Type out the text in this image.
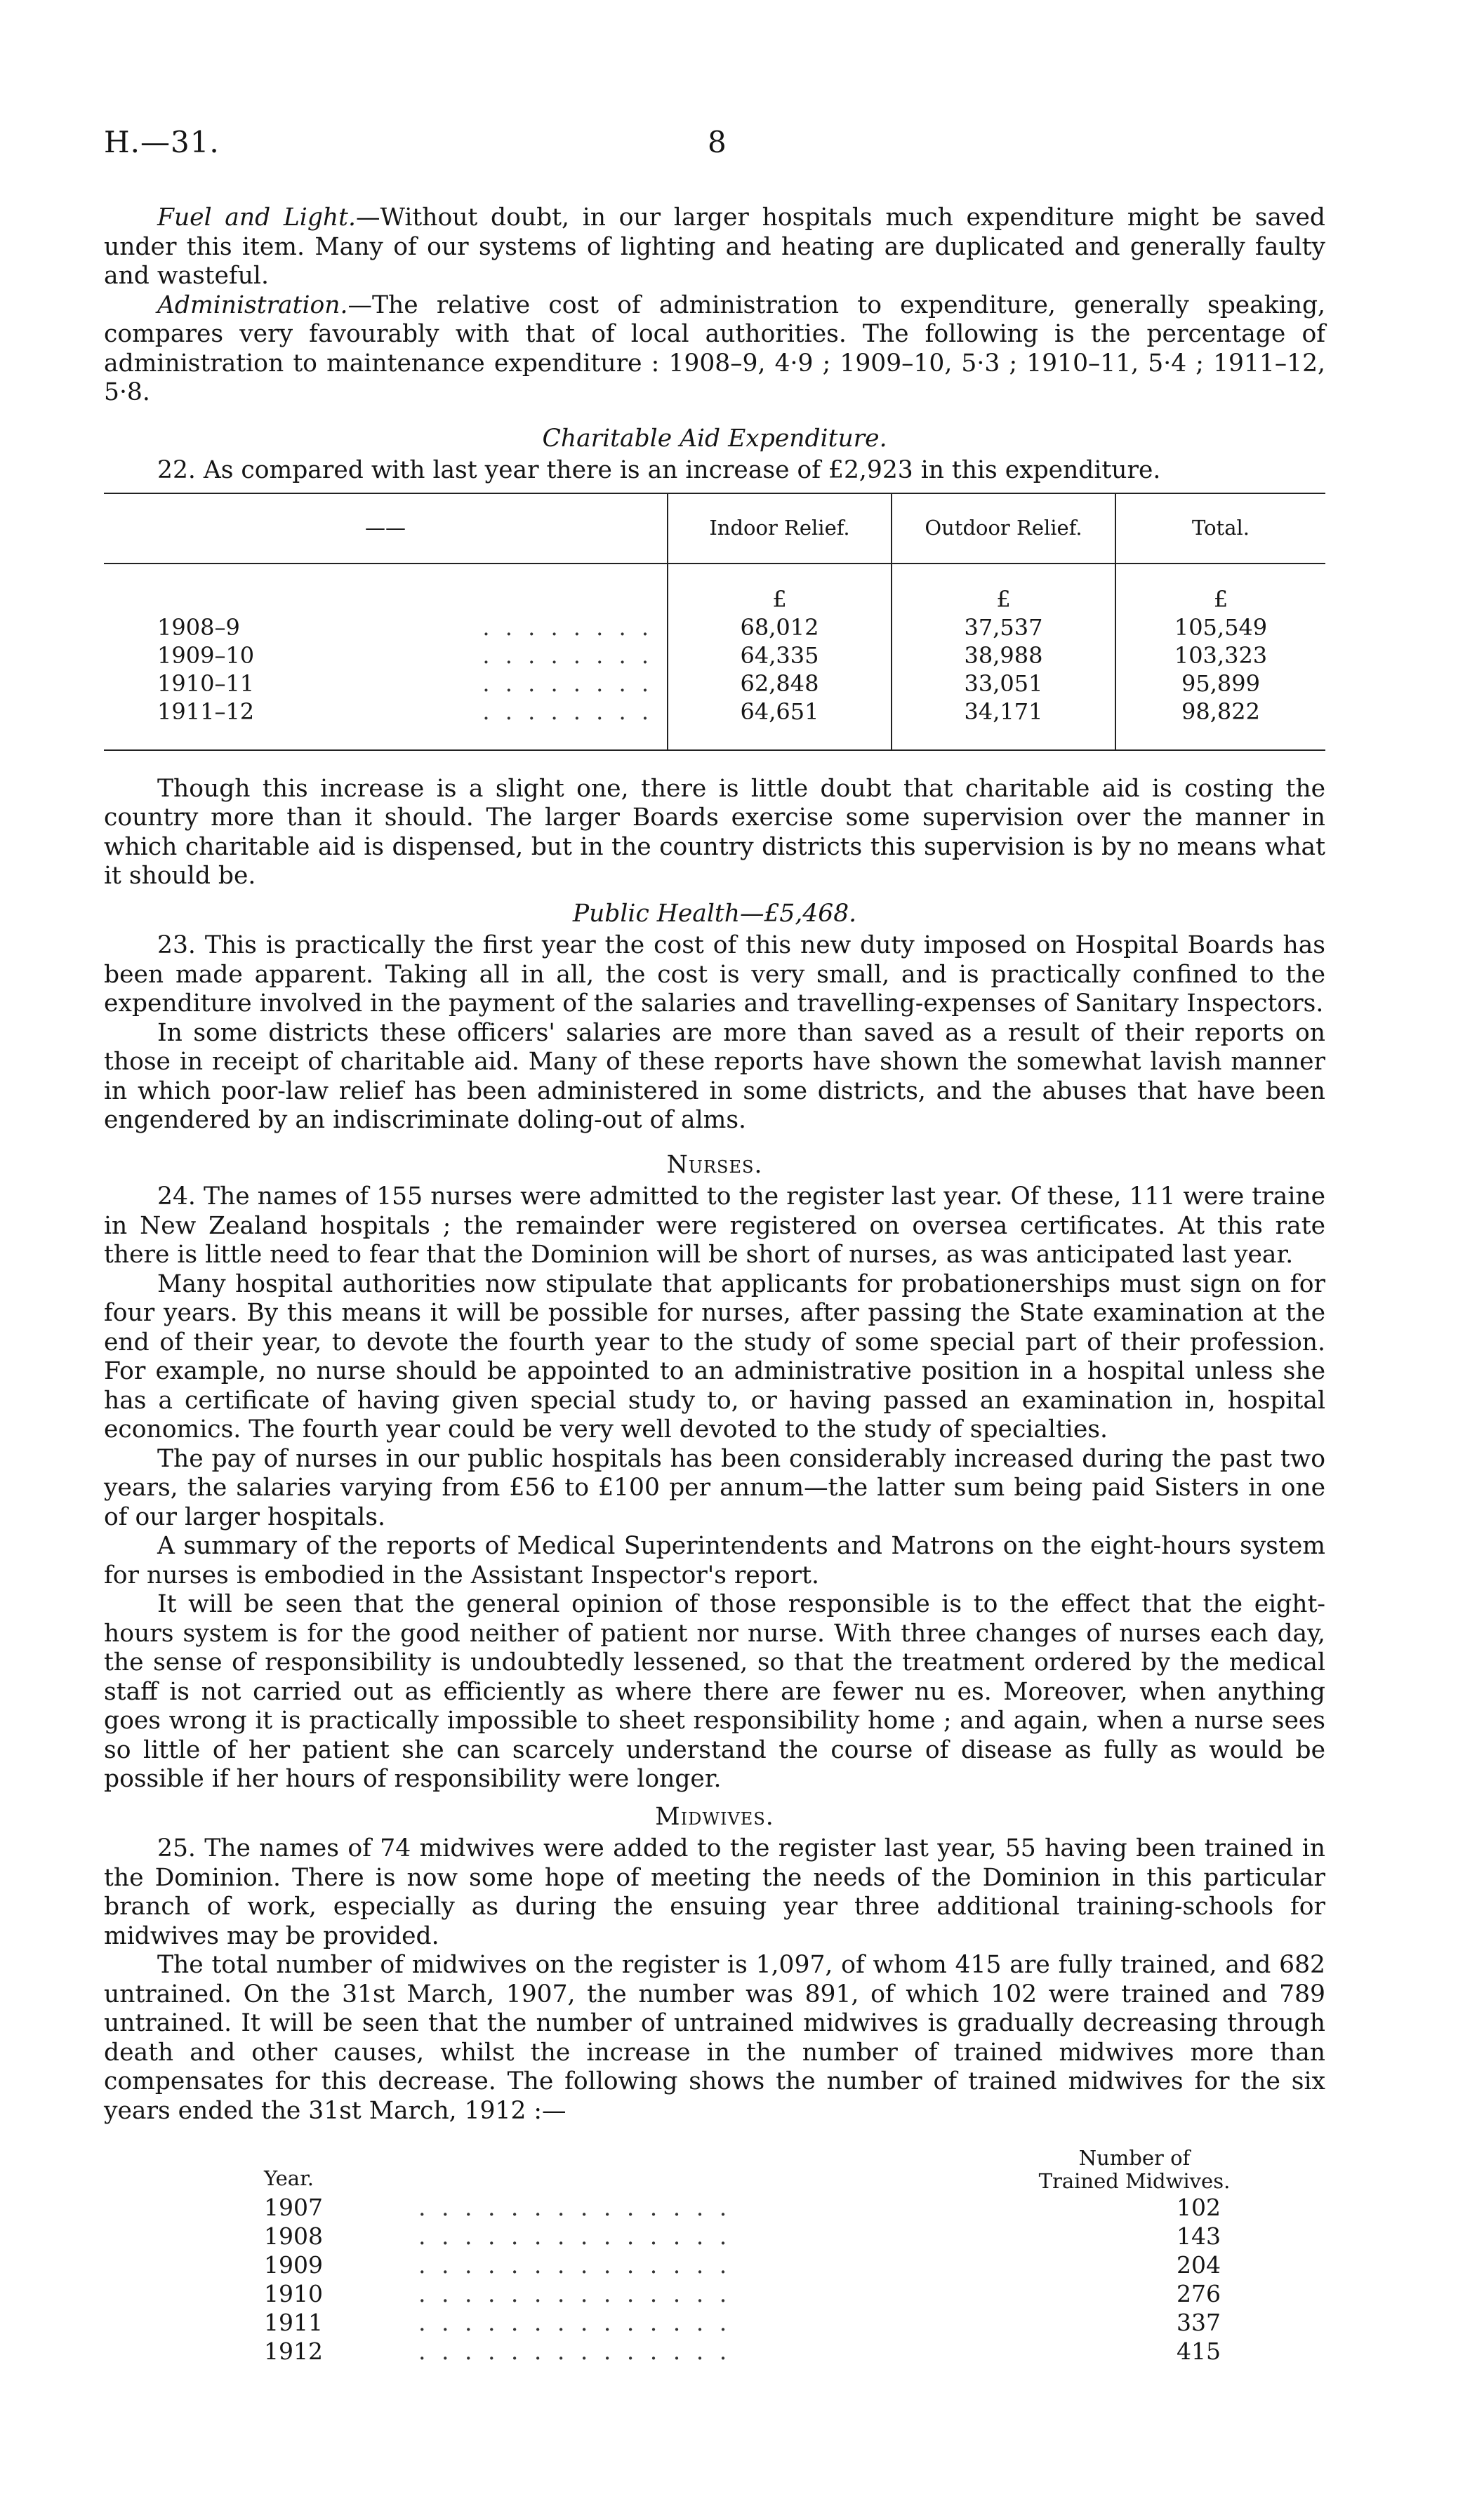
H.—31.	8

Fuel and Light.—Without doubt, in our larger hospitals much expenditure might be saved under this item. Many of our systems of lighting and heating are duplicated and generally faulty and wasteful.

Administration.—The relative cost of administration to expenditure, generally speaking, compares very favourably with that of local authorities. The following is the percentage of administration to maintenance expenditure : 1908–9, 4·9 ; 1909–10, 5·3 ; 1910–11, 5·4 ; 1911–12, 5·8.

Charitable Aid Expenditure.

22. As compared with last year there is an increase of £2,923 in this expenditure.

——	Indoor Relief.	Outdoor Relief.	Total.
	£	£	£

1908–9 . . . . . . . .	68,012	37,537	105,549

1909–10 . . . . . . . .	64,335	38,988	103,323

1910–11 . . . . . . . .	62,848	33,051	95,899

1911–12 . . . . . . . .	64,651	34,171	98,822

Though this increase is a slight one, there is little doubt that charitable aid is costing the country more than it should. The larger Boards exercise some supervision over the manner in which charitable aid is dispensed, but in the country districts this supervision is by no means what it should be.

Public Health—£5,468.

23. This is practically the first year the cost of this new duty imposed on Hospital Boards has been made apparent. Taking all in all, the cost is very small, and is practically confined to the expenditure involved in the payment of the salaries and travelling-expenses of Sanitary Inspectors.

In some districts these officers' salaries are more than saved as a result of their reports on those in receipt of charitable aid. Many of these reports have shown the somewhat lavish manner in which poor-law relief has been administered in some districts, and the abuses that have been engendered by an indiscriminate doling-out of alms.

Nurses.

24. The names of 155 nurses were admitted to the register last year. Of these, 111 were traine in New Zealand hospitals ; the remainder were registered on oversea certificates. At this rate there is little need to fear that the Dominion will be short of nurses, as was anticipated last year.

Many hospital authorities now stipulate that applicants for probationerships must sign on for four years. By this means it will be possible for nurses, after passing the State examination at the end of their year, to devote the fourth year to the study of some special part of their profession. For example, no nurse should be appointed to an administrative position in a hospital unless she has a certificate of having given special study to, or having passed an examination in, hospital economics. The fourth year could be very well devoted to the study of specialties.

The pay of nurses in our public hospitals has been considerably increased during the past two years, the salaries varying from £56 to £100 per annum—the latter sum being paid Sisters in one of our larger hospitals.

A summary of the reports of Medical Superintendents and Matrons on the eight-hours system for nurses is embodied in the Assistant Inspector's report.

It will be seen that the general opinion of those responsible is to the effect that the eight-hours system is for the good neither of patient nor nurse. With three changes of nurses each day, the sense of responsibility is undoubtedly lessened, so that the treatment ordered by the medical staff is not carried out as efficiently as where there are fewer nu es. Moreover, when anything goes wrong it is practically impossible to sheet responsibility home ; and again, when a nurse sees so little of her patient she can scarcely understand the course of disease as fully as would be possible if her hours of responsibility were longer.

Midwives.

25. The names of 74 midwives were added to the register last year, 55 having been trained in the Dominion. There is now some hope of meeting the needs of the Dominion in this particular branch of work, especially as during the ensuing year three additional training-schools for midwives may be provided.

The total number of midwives on the register is 1,097, of whom 415 are fully trained, and 682 untrained. On the 31st March, 1907, the number was 891, of which 102 were trained and 789 untrained. It will be seen that the number of untrained midwives is gradually decreasing through death and other causes, whilst the increase in the number of trained midwives more than compensates for this decrease. The following shows the number of trained midwives for the six years ended the 31st March, 1912 :—

Year.
Number of
Trained Midwives.
1907	. . . . . . . . . . . . . .	102
1908	. . . . . . . . . . . . . .	143
1909	. . . . . . . . . . . . . .	204
1910	. . . . . . . . . . . . . .	276
1911	. . . . . . . . . . . . . .	337
1912	. . . . . . . . . . . . . .	415
